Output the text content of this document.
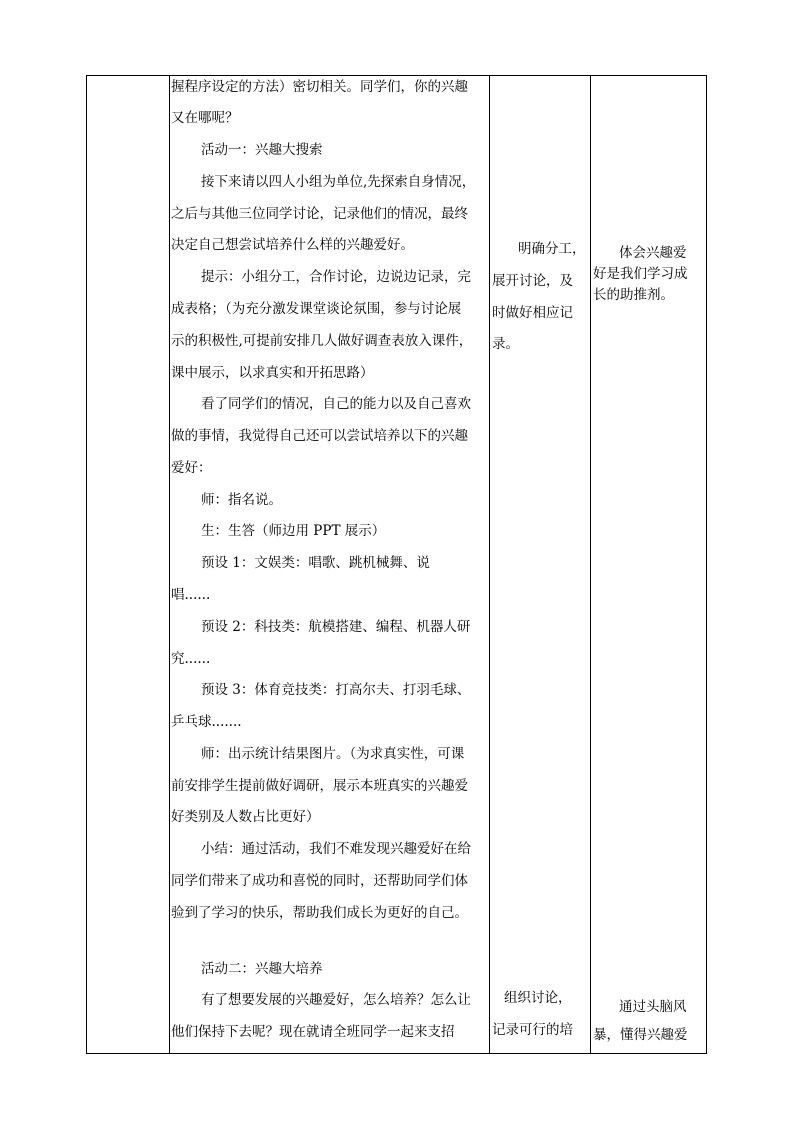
握程序设定的方法）密切相关。同学们，你的兴趣
又在哪呢？
活动一：兴趣大搜索
接下来请以四人小组为单位,先探索自身情况，
之后与其他三位同学讨论，记录他们的情况，最终
决定自己想尝试培养什么样的兴趣爱好。
提示：小组分工，合作讨论，边说边记录，完
成表格；（为充分激发课堂谈论氛围，参与讨论展
示的积极性,可提前安排几人做好调查表放入课件，
课中展示，以求真实和开拓思路）
看了同学们的情况，自己的能力以及自己喜欢
做的事情，我觉得自己还可以尝试培养以下的兴趣
爱好：
师：指名说。
生：生答（师边用 PPT 展示）
预设 1：文娱类：唱歌、跳机械舞、说
唱......
预设 2：科技类：航模搭建、编程、机器人研
究......
预设 3：体育竞技类：打高尔夫、打羽毛球、
乒乓球.......
师：出示统计结果图片。（为求真实性，可课
前安排学生提前做好调研，展示本班真实的兴趣爱
好类别及人数占比更好）
小结：通过活动，我们不难发现兴趣爱好在给
同学们带来了成功和喜悦的同时，还帮助同学们体
验到了学习的快乐，帮助我们成长为更好的自己。
活动二：兴趣大培养
有了想要发展的兴趣爱好，怎么培养？怎么让
他们保持下去呢？现在就请全班同学一起来支招
明确分工，
展开讨论，及
时做好相应记
录。
组织讨论，
记录可行的培
体会兴趣爱
好是我们学习成
长的助推剂。
通过头脑风
暴，懂得兴趣爱
